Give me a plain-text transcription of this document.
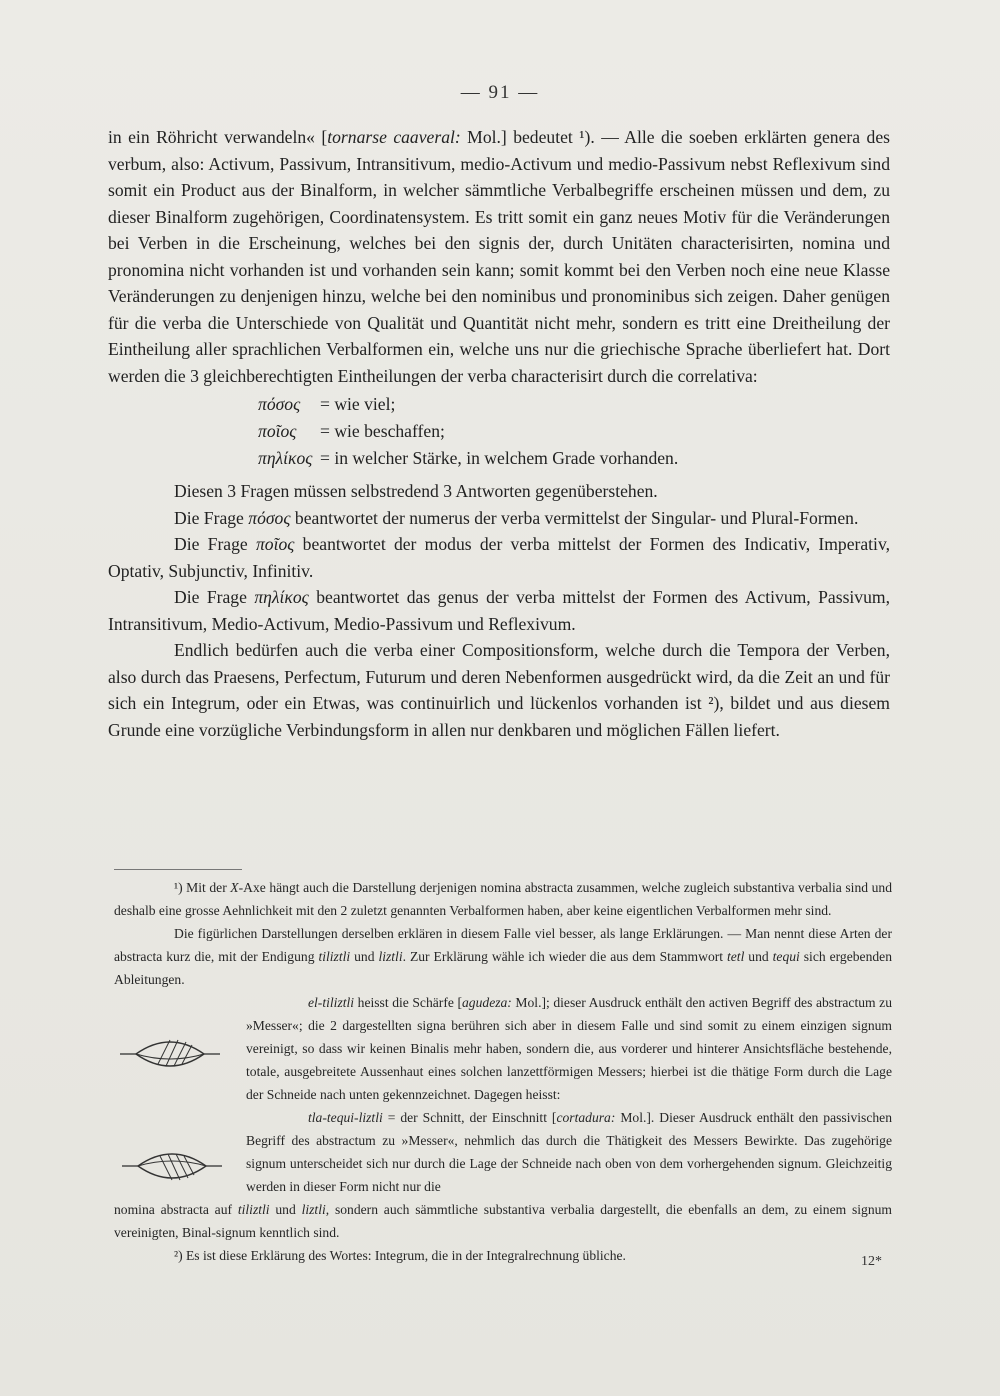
— 91 —

in ein Röhricht verwandeln« [tornarse caaveral: Mol.] bedeutet ¹). — Alle die soeben erklärten genera des verbum, also: Activum, Passivum, Intransitivum, medio-Activum und medio-Passivum nebst Reflexivum sind somit ein Product aus der Binalform, in welcher sämmtliche Verbalbegriffe erscheinen müssen und dem, zu dieser Binalform zugehörigen, Coordinatensystem. Es tritt somit ein ganz neues Motiv für die Veränderungen bei Verben in die Erscheinung, welches bei den signis der, durch Unitäten characterisirten, nomina und pronomina nicht vorhanden ist und vorhanden sein kann; somit kommt bei den Verben noch eine neue Klasse Veränderungen zu denjenigen hinzu, welche bei den nominibus und pronominibus sich zeigen. Daher genügen für die verba die Unterschiede von Qualität und Quantität nicht mehr, sondern es tritt eine Dreitheilung der Eintheilung aller sprachlichen Verbalformen ein, welche uns nur die griechische Sprache überliefert hat. Dort werden die 3 gleichberechtigten Eintheilungen der verba characterisirt durch die correlativa:

πόσος = wie viel;
ποῖος = wie beschaffen;
πηλίκος = in welcher Stärke, in welchem Grade vorhanden.

Diesen 3 Fragen müssen selbstredend 3 Antworten gegenüberstehen.

Die Frage πόσος beantwortet der numerus der verba vermittelst der Singular- und Plural-Formen.

Die Frage ποῖος beantwortet der modus der verba mittelst der Formen des Indicativ, Imperativ, Optativ, Subjunctiv, Infinitiv.

Die Frage πηλίκος beantwortet das genus der verba mittelst der Formen des Activum, Passivum, Intransitivum, Medio-Activum, Medio-Passivum und Reflexivum.

Endlich bedürfen auch die verba einer Compositionsform, welche durch die Tempora der Verben, also durch das Praesens, Perfectum, Futurum und deren Nebenformen ausgedrückt wird, da die Zeit an und für sich ein Integrum, oder ein Etwas, was continuirlich und lückenlos vorhanden ist ²), bildet und aus diesem Grunde eine vorzügliche Verbindungsform in allen nur denkbaren und möglichen Fällen liefert.

¹) Mit der X-Axe hängt auch die Darstellung derjenigen nomina abstracta zusammen, welche zugleich substantiva verbalia sind und deshalb eine grosse Aehnlichkeit mit den 2 zuletzt genannten Verbalformen haben, aber keine eigentlichen Verbalformen mehr sind.

Die figürlichen Darstellungen derselben erklären in diesem Falle viel besser, als lange Erklärungen. — Man nennt diese Arten der abstracta kurz die, mit der Endigung tiliztli und liztli. Zur Erklärung wähle ich wieder die aus dem Stammwort tetl und tequi sich ergebenden Ableitungen.

el-tiliztli heisst die Schärfe [agudeza: Mol.]; dieser Ausdruck enthält den activen Begriff des abstractum zu »Messer«; die 2 dargestellten signa berühren sich aber in diesem Falle und sind somit zu einem einzigen signum vereinigt, so dass wir keinen Binalis mehr haben, sondern die, aus vorderer und hinterer Ansichtsfläche bestehende, totale, ausgebreitete Aussenhaut eines solchen lanzettförmigen Messers; hierbei ist die thätige Form durch die Lage der Schneide nach unten gekennzeichnet. Dagegen heisst:

tla-tequi-liztli = der Schnitt, der Einschnitt [cortadura: Mol.]. Dieser Ausdruck enthält den passivischen Begriff des abstractum zu »Messer«, nehmlich das durch die Thätigkeit des Messers Bewirkte. Das zugehörige signum unterscheidet sich nur durch die Lage der Schneide nach oben von dem vorhergehenden signum. Gleichzeitig werden in dieser Form nicht nur die

nomina abstracta auf tiliztli und liztli, sondern auch sämmtliche substantiva verbalia dargestellt, die ebenfalls an dem, zu einem signum vereinigten, Binal-signum kenntlich sind.

²) Es ist diese Erklärung des Wortes: Integrum, die in der Integralrechnung übliche.	12*
